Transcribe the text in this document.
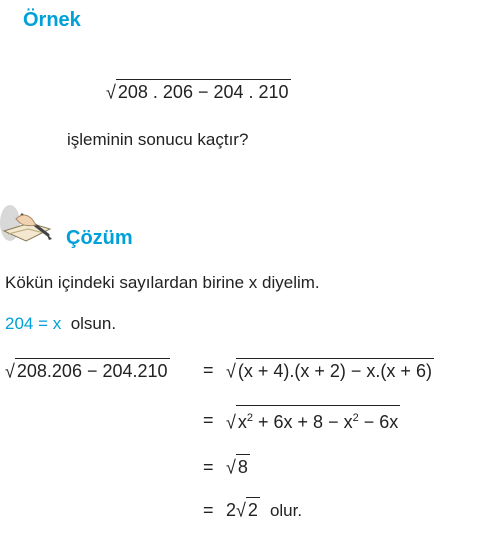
Örnek
√ 208 . 206 − 204 . 210
işleminin sonucu kaçtır?
Çözüm
Kökün içindeki sayılardan birine x diyelim.
204 = x olsun.
√ 208.206 − 204.210 = √ (x + 4).(x + 2) − x.(x + 6)
= √ $x^2 + 6x + 8 - x^2 - 6x$
= √ 8
= 2√ 2 olur.
